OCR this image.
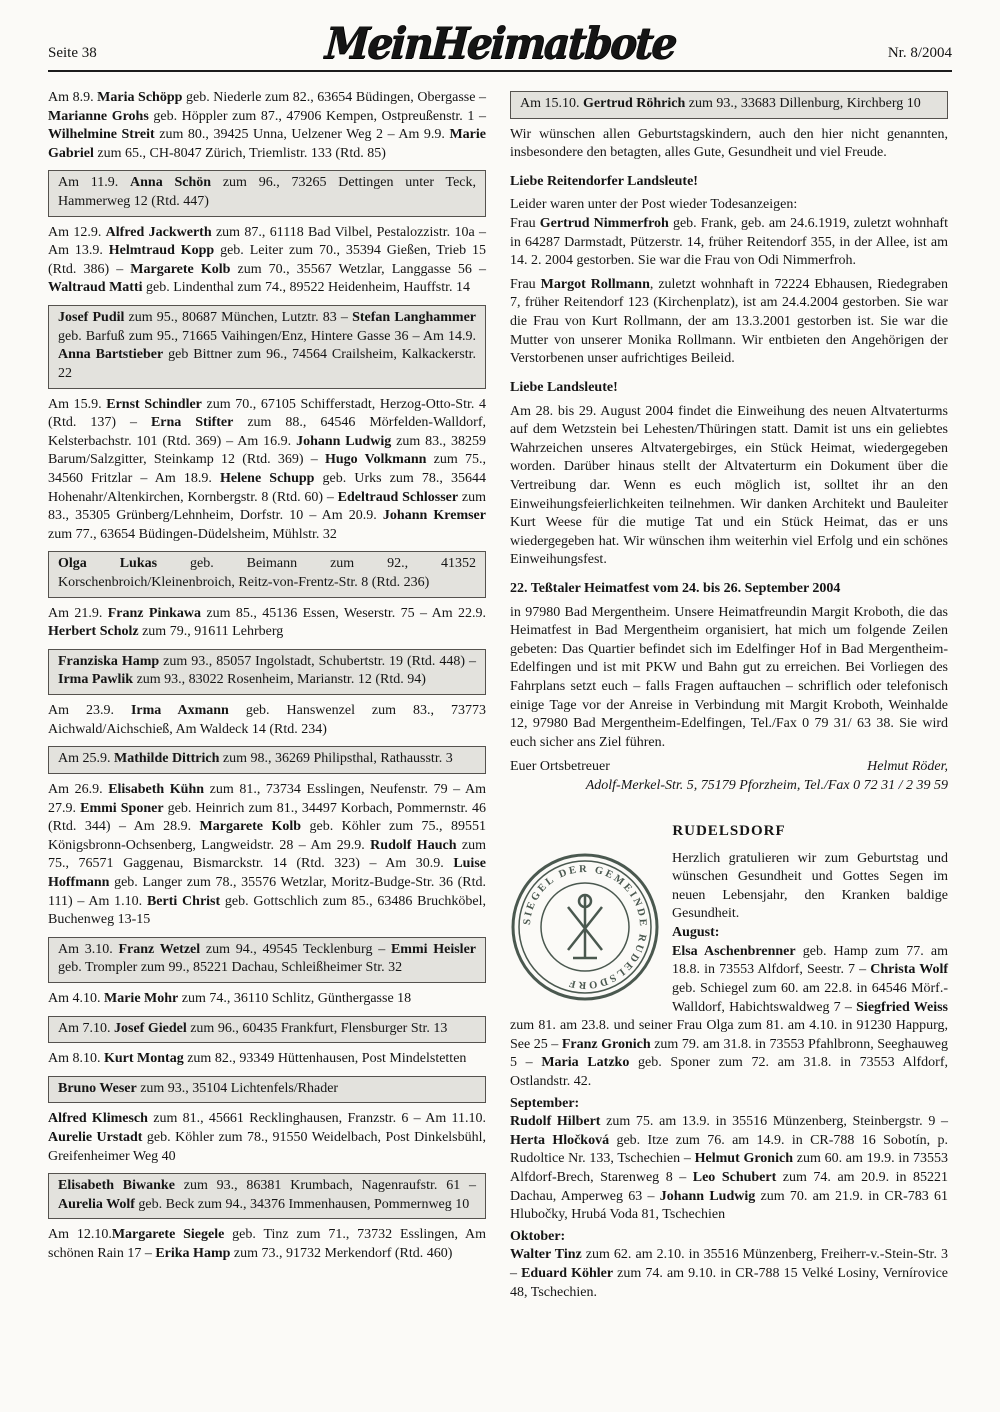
Seite 38	MeinHeimatbote	Nr. 8/2004

Am 8.9. Maria Schöpp geb. Niederle zum 82., 63654 Büdingen, Obergasse – Marianne Grohs geb. Höppler zum 87., 47906 Kempen, Ostpreußenstr. 1 – Wilhelmine Streit zum 80., 39425 Unna, Uelzener Weg 2 – Am 9.9. Marie Gabriel zum 65., CH-8047 Zürich, Triemlistr. 133 (Rtd. 85)

Am 11.9. Anna Schön zum 96., 73265 Dettingen unter Teck, Hammerweg 12 (Rtd. 447)

Am 12.9. Alfred Jackwerth zum 87., 61118 Bad Vilbel, Pestalozzistr. 10a – Am 13.9. Helmtraud Kopp geb. Leiter zum 70., 35394 Gießen, Trieb 15 (Rtd. 386) – Margarete Kolb zum 70., 35567 Wetzlar, Langgasse 56 – Waltraud Matti geb. Lindenthal zum 74., 89522 Heidenheim, Hauffstr. 14

Josef Pudil zum 95., 80687 München, Lutztr. 83 – Stefan Langhammer geb. Barfuß zum 95., 71665 Vaihingen/Enz, Hintere Gasse 36 – Am 14.9. Anna Bartstieber geb Bittner zum 96., 74564 Crailsheim, Kalkackerstr. 22

Am 15.9. Ernst Schindler zum 70., 67105 Schifferstadt, Herzog-Otto-Str. 4 (Rtd. 137) – Erna Stifter zum 88., 64546 Mörfelden-Walldorf, Kelsterbachstr. 101 (Rtd. 369) – Am 16.9. Johann Ludwig zum 83., 38259 Barum/Salzgitter, Steinkamp 12 (Rtd. 369) – Hugo Volkmann zum 75., 34560 Fritzlar – Am 18.9. Helene Schupp geb. Urks zum 78., 35644 Hohenahr/Altenkirchen, Kornbergstr. 8 (Rtd. 60) – Edeltraud Schlosser zum 83., 35305 Grünberg/Lehnheim, Dorfstr. 10 – Am 20.9. Johann Kremser zum 77., 63654 Büdingen-Düdelsheim, Mühlstr. 32

Olga Lukas geb. Beimann zum 92., 41352 Korschenbroich/Kleinenbroich, Reitz-von-Frentz-Str. 8 (Rtd. 236)

Am 21.9. Franz Pinkawa zum 85., 45136 Essen, Weserstr. 75 – Am 22.9. Herbert Scholz zum 79., 91611 Lehrberg

Franziska Hamp zum 93., 85057 Ingolstadt, Schubertstr. 19 (Rtd. 448) – Irma Pawlik zum 93., 83022 Rosenheim, Marianstr. 12 (Rtd. 94)

Am 23.9. Irma Axmann geb. Hanswenzel zum 83., 73773 Aichwald/Aichschieß, Am Waldeck 14 (Rtd. 234)

Am 25.9. Mathilde Dittrich zum 98., 36269 Philipsthal, Rathausstr. 3

Am 26.9. Elisabeth Kühn zum 81., 73734 Esslingen, Neufenstr. 79 – Am 27.9. Emmi Sponer geb. Heinrich zum 81., 34497 Korbach, Pommernstr. 46 (Rtd. 344) – Am 28.9. Margarete Kolb geb. Köhler zum 75., 89551 Königsbronn-Ochsenberg, Langweidstr. 28 – Am 29.9. Rudolf Hauch zum 75., 76571 Gaggenau, Bismarckstr. 14 (Rtd. 323) – Am 30.9. Luise Hoffmann geb. Langer zum 78., 35576 Wetzlar, Moritz-Budge-Str. 36 (Rtd. 111) – Am 1.10. Berti Christ geb. Gottschlich zum 85., 63486 Bruchköbel, Buchenweg 13-15

Am 3.10. Franz Wetzel zum 94., 49545 Tecklenburg – Emmi Heisler geb. Trompler zum 99., 85221 Dachau, Schleißheimer Str. 32

Am 4.10. Marie Mohr zum 74., 36110 Schlitz, Günthergasse 18

Am 7.10. Josef Giedel zum 96., 60435 Frankfurt, Flensburger Str. 13

Am 8.10. Kurt Montag zum 82., 93349 Hüttenhausen, Post Mindelstetten

Bruno Weser zum 93., 35104 Lichtenfels/Rhader

Alfred Klimesch zum 81., 45661 Recklinghausen, Franzstr. 6 – Am 11.10. Aurelie Urstadt geb. Köhler zum 78., 91550 Weidelbach, Post Dinkelsbühl, Greifenheimer Weg 40

Elisabeth Biwanke zum 93., 86381 Krumbach, Nagenraufstr. 61 – Aurelia Wolf geb. Beck zum 94., 34376 Immenhausen, Pommernweg 10

Am 12.10.Margarete Siegele geb. Tinz zum 71., 73732 Esslingen, Am schönen Rain 17 – Erika Hamp zum 73., 91732 Merkendorf (Rtd. 460)

Am 15.10. Gertrud Röhrich zum 93., 33683 Dillenburg, Kirchberg 10

Wir wünschen allen Geburtstagskindern, auch den hier nicht genannten, insbesondere den betagten, alles Gute, Gesundheit und viel Freude.

Liebe Reitendorfer Landsleute!

Leider waren unter der Post wieder Todesanzeigen:
Frau Gertrud Nimmerfroh geb. Frank, geb. am 24.6.1919, zuletzt wohnhaft in 64287 Darmstadt, Pützerstr. 14, früher Reitendorf 355, in der Allee, ist am 14. 2. 2004 gestorben. Sie war die Frau von Odi Nimmerfroh.

Frau Margot Rollmann, zuletzt wohnhaft in 72224 Ebhausen, Riedegraben 7, früher Reitendorf 123 (Kirchenplatz), ist am 24.4.2004 gestorben. Sie war die Frau von Kurt Rollmann, der am 13.3.2001 gestorben ist. Sie war die Mutter von unserer Monika Rollmann. Wir entbieten den Angehörigen der Verstorbenen unser aufrichtiges Beileid.

Liebe Landsleute!

Am 28. bis 29. August 2004 findet die Einweihung des neuen Altvaterturms auf dem Wetzstein bei Lehesten/Thüringen statt. Damit ist uns ein geliebtes Wahrzeichen unseres Altvatergebirges, ein Stück Heimat, wiedergegeben worden. Darüber hinaus stellt der Altvaterturm ein Dokument über die Vertreibung dar. Wenn es euch möglich ist, solltet ihr an den Einweihungsfeierlichkeiten teilnehmen. Wir danken Architekt und Bauleiter Kurt Weese für die mutige Tat und ein Stück Heimat, das er uns wiedergegeben hat. Wir wünschen ihm weiterhin viel Erfolg und ein schönes Einweihungsfest.

22. Teßtaler Heimatfest vom 24. bis 26. September 2004

in 97980 Bad Mergentheim. Unsere Heimatfreundin Margit Kroboth, die das Heimatfest in Bad Mergentheim organisiert, hat mich um folgende Zeilen gebeten: Das Quartier befindet sich im Edelfinger Hof in Bad Mergentheim-Edelfingen und ist mit PKW und Bahn gut zu erreichen. Bei Vorliegen des Fahrplans setzt euch – falls Fragen auftauchen – schriflich oder telefonisch einige Tage vor der Anreise in Verbindung mit Margit Kroboth, Weinhalde 12, 97980 Bad Mergentheim-Edelfingen, Tel./Fax 0 79 31/ 63 38. Sie wird euch sicher ans Ziel führen.

Euer Ortsbetreuer	Helmut Röder,
Adolf-Merkel-Str. 5, 75179 Pforzheim, Tel./Fax 0 72 31 / 2 39 59
RUDELSDORF
SIEGEL DER GEMEINDE RUDELSDORF

Herzlich gratulieren wir zum Geburtstag und wünschen Gesundheit und Gottes Segen im neuen Lebensjahr, den Kranken baldige Gesundheit.
August:
Elsa Aschenbrenner geb. Hamp zum 77. am 18.8. in 73553 Alfdorf, Seestr. 7 – Christa Wolf geb. Schiegel zum 60. am 22.8. in 64546 Mörf.-Walldorf, Habichtswaldweg 7 – Siegfried Weiss zum 81. am 23.8. und seiner Frau Olga zum 81. am 4.10. in 91230 Happurg, See 25 – Franz Gronich zum 79. am 31.8. in 73553 Pfahlbronn, Seeghauweg 5 – Maria Latzko geb. Sponer zum 72. am 31.8. in 73553 Alfdorf, Ostlandstr. 42.

September:
Rudolf Hilbert zum 75. am 13.9. in 35516 Münzenberg, Steinbergstr. 9 – Herta Hločková geb. Itze zum 76. am 14.9. in CR-788 16 Sobotín, p. Rudoltice Nr. 133, Tschechien – Helmut Gronich zum 60. am 19.9. in 73553 Alfdorf-Brech, Starenweg 8 – Leo Schubert zum 74. am 20.9. in 85221 Dachau, Amperweg 63 – Johann Ludwig zum 70. am 21.9. in CR-783 61 Hlubočky, Hrubá Voda 81, Tschechien

Oktober:
Walter Tinz zum 62. am 2.10. in 35516 Münzenberg, Freiherr-v.-Stein-Str. 3 – Eduard Köhler zum 74. am 9.10. in CR-788 15 Velké Losiny, Vernírovice 48, Tschechien.
